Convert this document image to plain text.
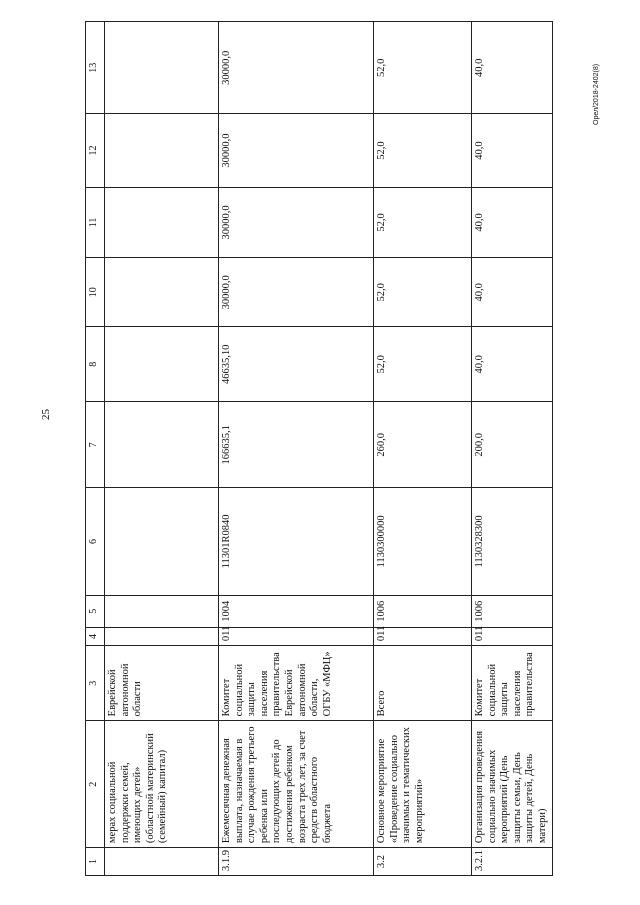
25
Орел/2018-2402(8)
1	2	3	4	5	6	7	8	10	11	12	13
	мерах социальной поддержки семей, имеющих детей» (областной материнский (семейный) капитал)	Еврейской автономной области									
3.1.9	Ежемесячная денежная выплата, назначаемая в случае рождения третьего ребенка или последующих детей до достижения ребенком возраста трех лет, за счет средств областного бюджета	Комитет социальной защиты населения правительства Еврейской автономной области, ОГБУ «МФЦ»	011	1004	11301R0840	166635,1	46635,10	30000,0	30000,0	30000,0	30000,0
3.2	Основное мероприятие «Проведение социально значимых и тематических мероприятий»	Всего	011	1006	1130300000	260,0	52,0	52,0	52,0	52,0	52,0
3.2.1	Организация проведения социально значимых мероприятий (День защиты семьи, День защиты детей, День матери)	Комитет социальной защиты населения правительства	011	1006	1130328300	200,0	40,0	40,0	40,0	40,0	40,0
